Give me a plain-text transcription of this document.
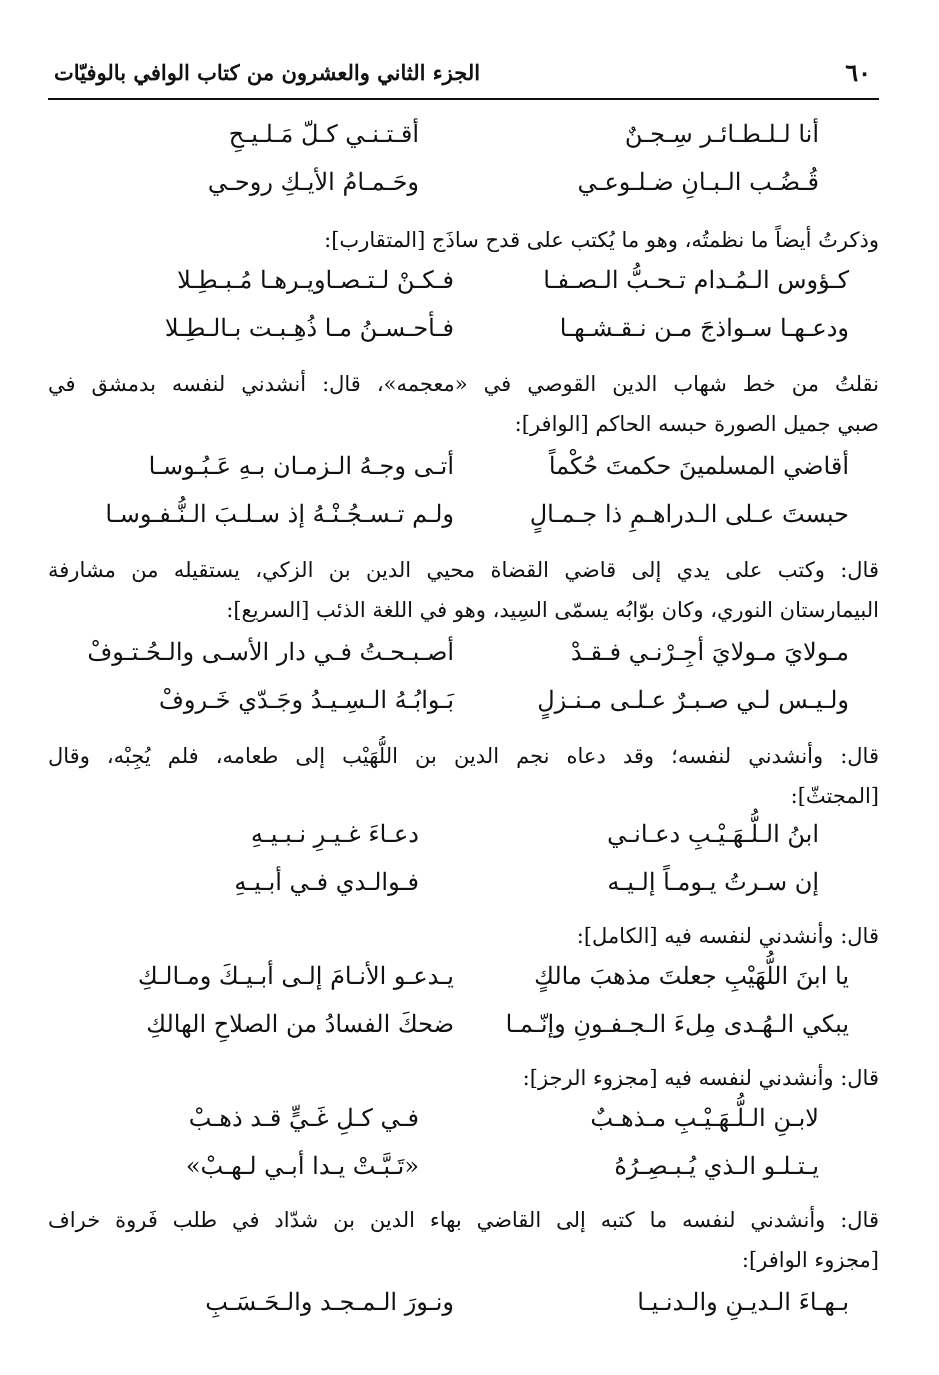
٦٠
الجزء الثاني والعشرون من كتاب الوافي بالوفيّات
أنا لـلـطـائـر سِـجـنٌ
أقـتـنـي كـلّ مَـلـيـحِ
قُـضُـب الـبـانِ ضـلـوعـي
وحَـمـامُ الأيـكِ روحـي
وذكرتُ أيضاً ما نظمتُه، وهو ما يُكتب على قدح ساذَج [المتقارب]:
كـؤوس الـمُـدام تـحـبُّ الـصـفـا
فـكـنْ لـتـصـاويـرهـا مُـبـطِـلا
ودعـهـا سـواذجَ مـن نـقـشـهـا
فـأحـسـنُ مـا ذُهِـبـت بـالـطِـلا
نقلتُ من خط شهاب الدين القوصي في «معجمه»، قال: أنشدني لنفسه بدمشق في
صبي جميل الصورة حبسه الحاكم [الوافر]:
أقاضي المسلمينَ حكمتَ حُكْماً
أتـى وجـهُ الـزمـان بـهِ عَـبُـوسـا
حبستَ عـلى الـدراهـمِ ذا جـمـالٍ
ولـم تـسـجُـنْـهُ إذ سـلـبَ الـنُّـفـوسـا
قال: وكتب على يدي إلى قاضي القضاة محيي الدين بن الزكي، يستقيله من مشارفة
البيمارستان النوري، وكان بوّابُه يسمّى السِيد، وهو في اللغة الذئب [السريع]:
مـولايَ مـولايَ أجِـرْنـي فـقـدْ
أصـبـحـتُ فـي دار الأسـى والـحُـتـوفْ
ولـيـس لـي صـبـرٌ عـلـى مـنـزلٍ
بَـوابُـهُ الـسِـيـدُ وجَـدّي خَـروفْ
قال: وأنشدني لنفسه؛ وقد دعاه نجم الدين بن اللُّهَيْب إلى طعامه، فلم يُجِبْه، وقال
[المجتثّ]:
ابنُ الـلُّـهَـيْـبِ دعـانـي
دعـاءَ غـيـرِ نـبـيـهِ
إن سـرتُ يـومـاً إلـيـه
فـوالـدي فـي أبـيـهِ
قال: وأنشدني لنفسه فيه [الكامل]:
يا ابنَ اللُّهَيْبِ جعلتَ مذهبَ مالكٍ
يـدعـو الأنـامَ إلـى أبـيـكَ ومـالـكِ
يبكي الـهُـدى مِلءَ الـجـفـونِ وإنّـمـا
ضحكَ الفسادُ من الصلاحِ الهالكِ
قال: وأنشدني لنفسه فيه [مجزوء الرجز]:
لابـنِ الـلُّـهَـيْـبِ مـذهـبٌ
فـي كـلِ غَـيٍّ قـد ذهـبْ
يـتـلـو الـذي يُـبـصِـرُهُ
«تَـبَّـتْ يـدا أبـي لـهـبْ»
قال: وأنشدني لنفسه ما كتبه إلى القاضي بهاء الدين بن شدّاد في طلب فَروة خراف
[مجزوء الوافر]:
بـهـاءَ الـديـنِ والـدنـيـا
ونـورَ الـمـجـد والـحَـسَـبِ
